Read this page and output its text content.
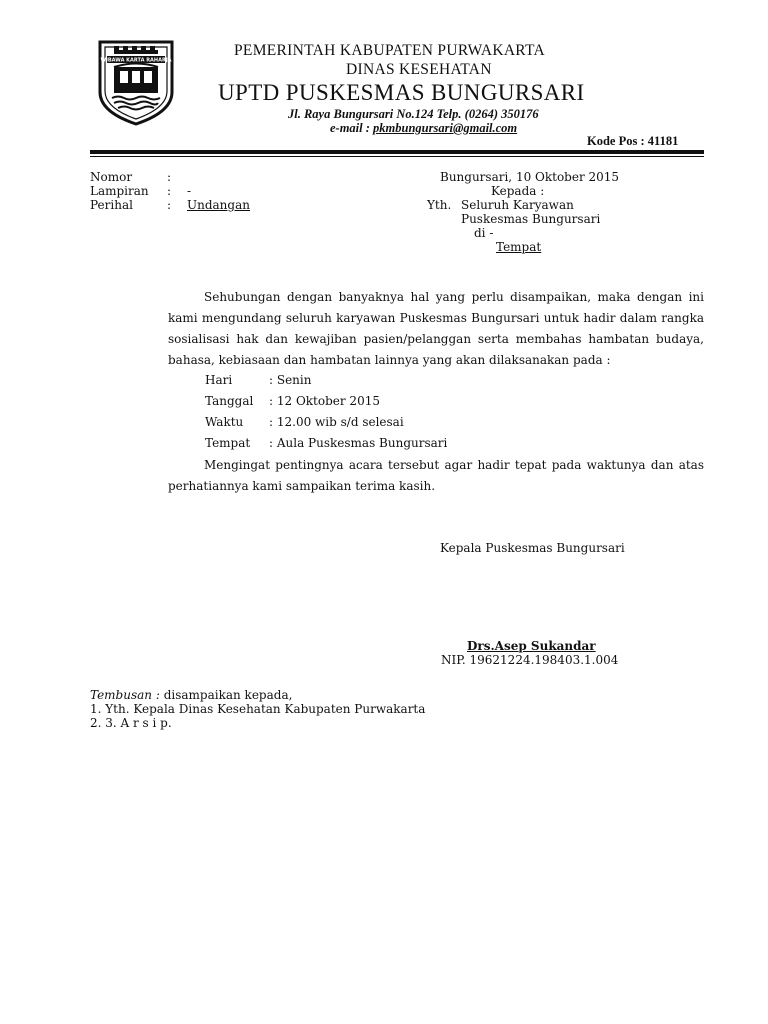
WIBAWA KARTA RAHARJA
PEMERINTAH KABUPATEN PURWAKARTA
DINAS KESEHATAN
UPTD PUSKESMAS BUNGURSARI
Jl. Raya Bungursari No.124 Telp. (0264) 350176
e-mail : pkmbungursari@gmail.com
Kode Pos : 41181
Nomor	:
Lampiran : -
Perihal	: Undangan
Bungursari, 10 Oktober 2015
Kepada :
Yth. Seluruh Karyawan
Puskesmas Bungursari
di -
Tempat
Sehubungan dengan banyaknya hal yang perlu disampaikan, maka dengan ini kami mengundang seluruh karyawan Puskesmas Bungursari untuk hadir dalam rangka sosialisasi hak dan kewajiban pasien/pelanggan serta membahas hambatan budaya, bahasa, kebiasaan dan hambatan lainnya yang akan dilaksanakan pada :
Hari	: Senin
Tanggal : 12 Oktober 2015
Waktu : 12.00 wib s/d selesai
Tempat : Aula Puskesmas Bungursari
Mengingat pentingnya acara tersebut agar hadir tepat pada waktunya dan atas perhatiannya kami sampaikan terima kasih.
Kepala Puskesmas Bungursari
Drs.Asep Sukandar
NIP. 19621224.198403.1.004
Tembusan : disampaikan kepada,
1. Yth. Kepala Dinas Kesehatan Kabupaten Purwakarta
2. 3. A r s i p.
